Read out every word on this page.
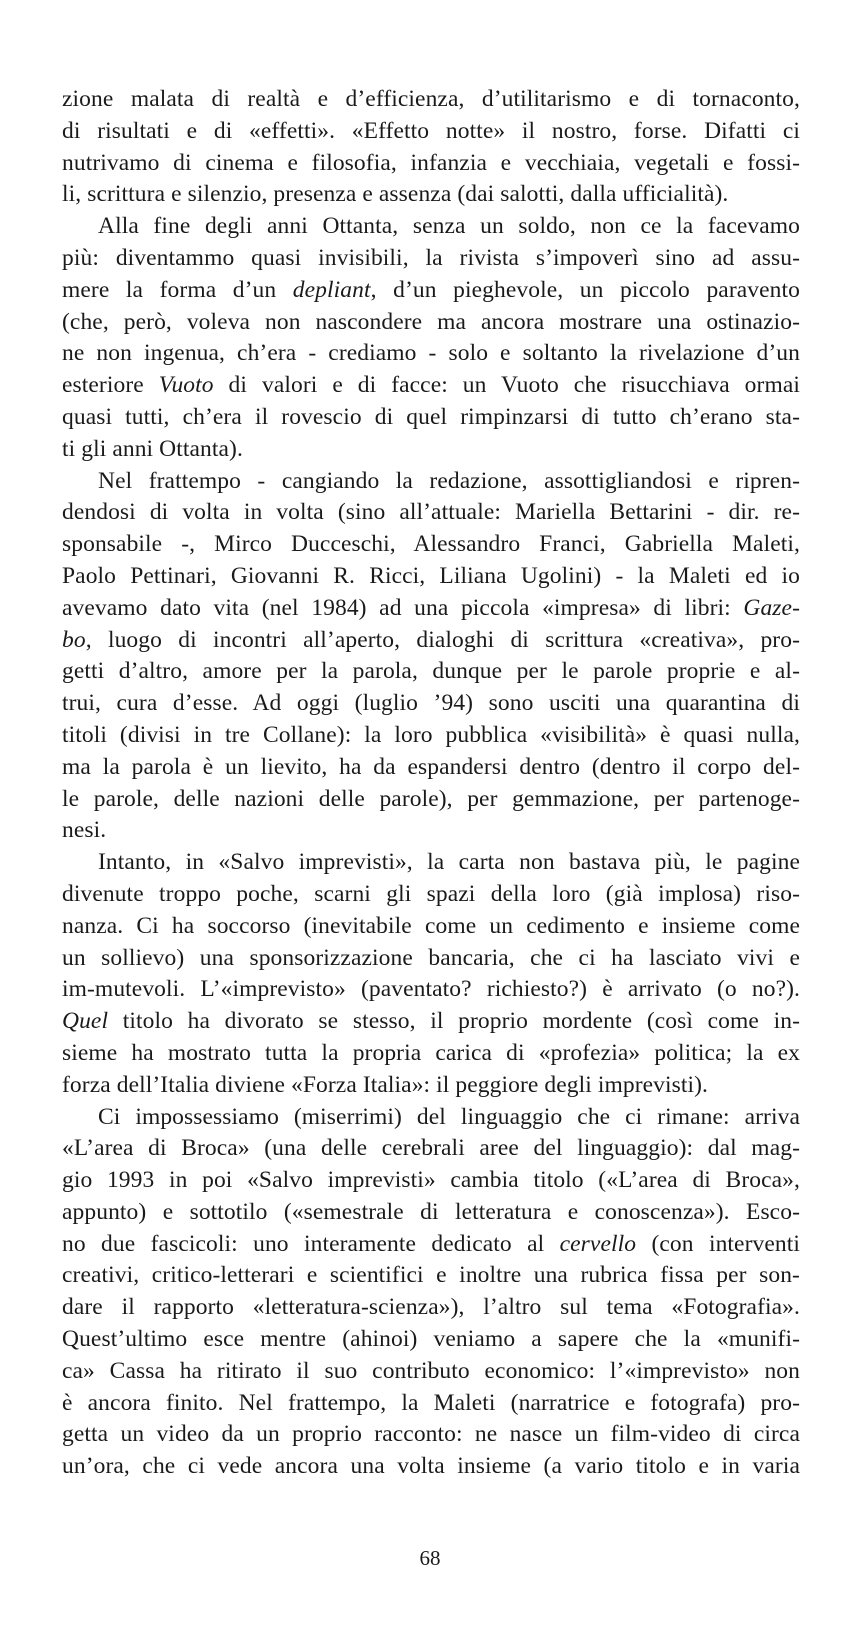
zione malata di realtà e d’efficienza, d’utilitarismo e di tornaconto,
di risultati e di «effetti». «Effetto notte» il nostro, forse. Difatti ci
nutrivamo di cinema e filosofia, infanzia e vecchiaia, vegetali e fossi-
li, scrittura e silenzio, presenza e assenza (dai salotti, dalla ufficialità).

Alla fine degli anni Ottanta, senza un soldo, non ce la facevamo
più: diventammo quasi invisibili, la rivista s’impoverì sino ad assu-
mere la forma d’un depliant, d’un pieghevole, un piccolo paravento
(che, però, voleva non nascondere ma ancora mostrare una ostinazio-
ne non ingenua, ch’era - crediamo - solo e soltanto la rivelazione d’un
esteriore Vuoto di valori e di facce: un Vuoto che risucchiava ormai
quasi tutti, ch’era il rovescio di quel rimpinzarsi di tutto ch’erano sta-
ti gli anni Ottanta).

Nel frattempo - cangiando la redazione, assottigliandosi e ripren-
dendosi di volta in volta (sino all’attuale: Mariella Bettarini - dir. re-
sponsabile -, Mirco Ducceschi, Alessandro Franci, Gabriella Maleti,
Paolo Pettinari, Giovanni R. Ricci, Liliana Ugolini) - la Maleti ed io
avevamo dato vita (nel 1984) ad una piccola «impresa» di libri: Gaze-
bo, luogo di incontri all’aperto, dialoghi di scrittura «creativa», pro-
getti d’altro, amore per la parola, dunque per le parole proprie e al-
trui, cura d’esse. Ad oggi (luglio ’94) sono usciti una quarantina di
titoli (divisi in tre Collane): la loro pubblica «visibilità» è quasi nulla,
ma la parola è un lievito, ha da espandersi dentro (dentro il corpo del-
le parole, delle nazioni delle parole), per gemmazione, per partenoge-
nesi.

Intanto, in «Salvo imprevisti», la carta non bastava più, le pagine
divenute troppo poche, scarni gli spazi della loro (già implosa) riso-
nanza. Ci ha soccorso (inevitabile come un cedimento e insieme come
un sollievo) una sponsorizzazione bancaria, che ci ha lasciato vivi e
im-mutevoli. L’«imprevisto» (paventato? richiesto?) è arrivato (o no?).
Quel titolo ha divorato se stesso, il proprio mordente (così come in-
sieme ha mostrato tutta la propria carica di «profezia» politica; la ex
forza dell’Italia diviene «Forza Italia»: il peggiore degli imprevisti).

Ci impossessiamo (miserrimi) del linguaggio che ci rimane: arriva
«L’area di Broca» (una delle cerebrali aree del linguaggio): dal mag-
gio 1993 in poi «Salvo imprevisti» cambia titolo («L’area di Broca»,
appunto) e sottotilo («semestrale di letteratura e conoscenza»). Esco-
no due fascicoli: uno interamente dedicato al cervello (con interventi
creativi, critico-letterari e scientifici e inoltre una rubrica fissa per son-
dare il rapporto «letteratura-scienza»), l’altro sul tema «Fotografia».
Quest’ultimo esce mentre (ahinoi) veniamo a sapere che la «munifi-
ca» Cassa ha ritirato il suo contributo economico: l’«imprevisto» non
è ancora finito. Nel frattempo, la Maleti (narratrice e fotografa) pro-
getta un video da un proprio racconto: ne nasce un film-video di circa
un’ora, che ci vede ancora una volta insieme (a vario titolo e in varia

68
